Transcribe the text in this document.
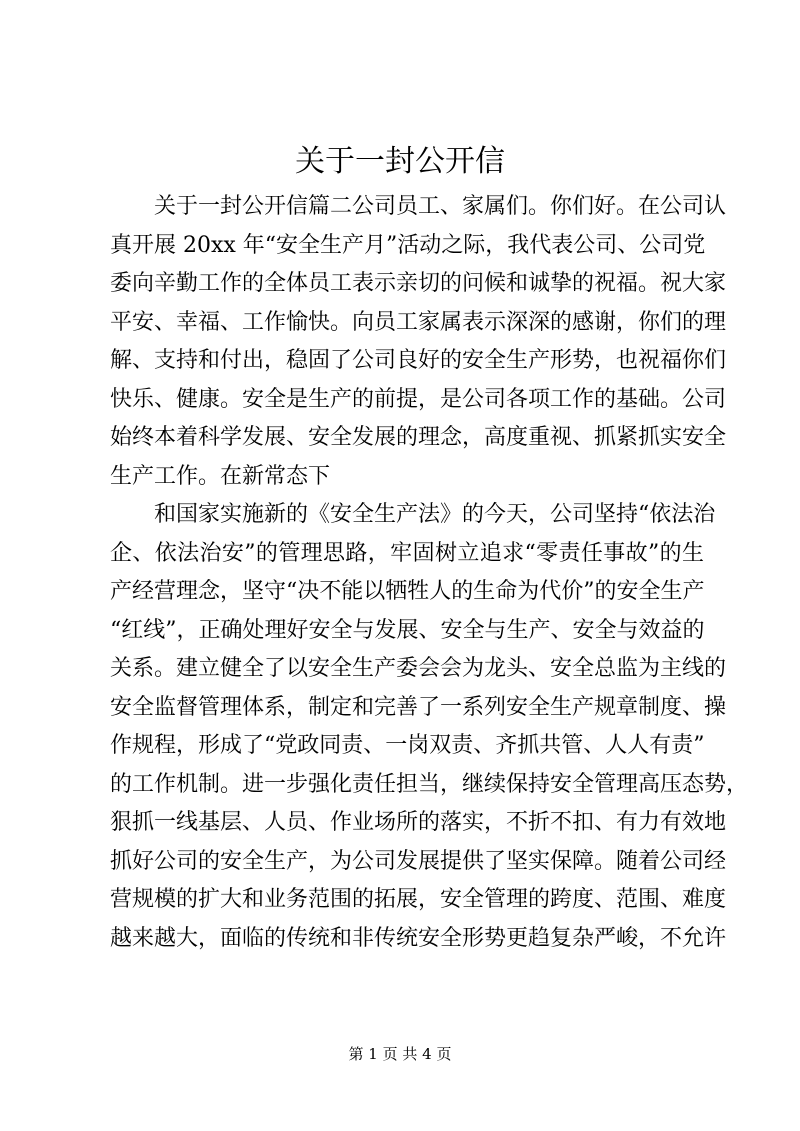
关于一封公开信

关于一封公开信篇二公司员工、家属们。你们好。在公司认
真开展 20xx 年“安全生产月”活动之际，我代表公司、公司党
委向辛勤工作的全体员工表示亲切的问候和诚挚的祝福。祝大家
平安、幸福、工作愉快。向员工家属表示深深的感谢，你们的理
解、支持和付出，稳固了公司良好的安全生产形势，也祝福你们
快乐、健康。安全是生产的前提，是公司各项工作的基础。公司
始终本着科学发展、安全发展的理念，高度重视、抓紧抓实安全
生产工作。在新常态下

和国家实施新的《安全生产法》的今天，公司坚持“依法治
企、依法治安”的管理思路，牢固树立追求“零责任事故”的生
产经营理念，坚守“决不能以牺牲人的生命为代价”的安全生产
“红线”，正确处理好安全与发展、安全与生产、安全与效益的
关系。建立健全了以安全生产委会会为龙头、安全总监为主线的
安全监督管理体系，制定和完善了一系列安全生产规章制度、操
作规程，形成了“党政同责、一岗双责、齐抓共管、人人有责”
的工作机制。进一步强化责任担当，继续保持安全管理高压态势，
狠抓一线基层、人员、作业场所的落实，不折不扣、有力有效地
抓好公司的安全生产，为公司发展提供了坚实保障。随着公司经
营规模的扩大和业务范围的拓展，安全管理的跨度、范围、难度
越来越大，面临的传统和非传统安全形势更趋复杂严峻，不允许

第 1 页 共 4 页
